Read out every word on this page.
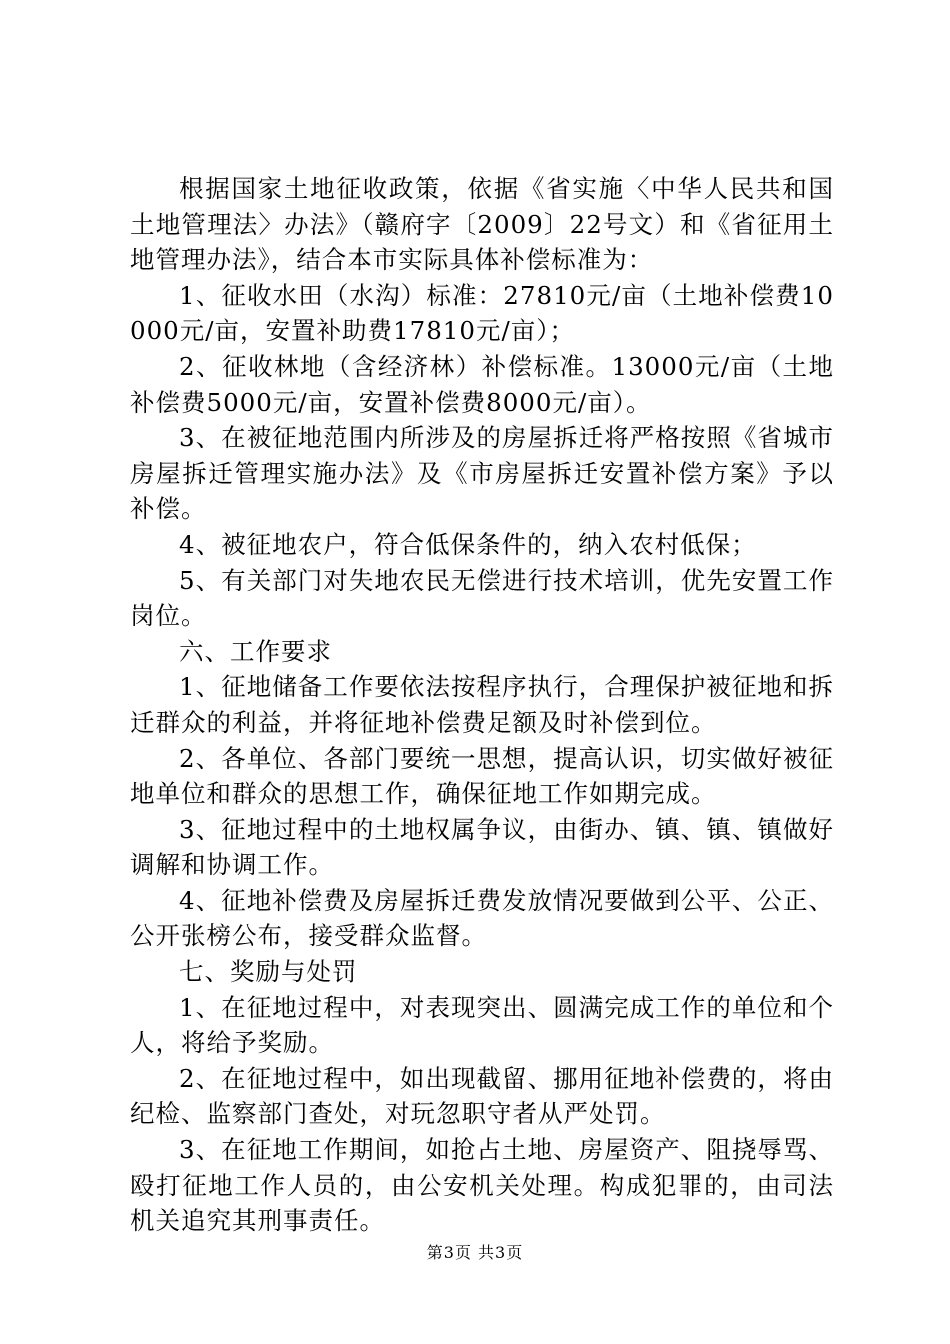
根据国家土地征收政策，依据《省实施〈中华人民共和国土地管理法〉办法》（赣府字〔2009〕22号文）和《省征用土地管理办法》，结合本市实际具体补偿标准为：

1、征收水田（水沟）标准：27810元/亩（土地补偿费10000元/亩，安置补助费17810元/亩）；

2、征收林地（含经济林）补偿标准。13000元/亩（土地补偿费5000元/亩，安置补偿费8000元/亩）。

3、在被征地范围内所涉及的房屋拆迁将严格按照《省城市房屋拆迁管理实施办法》及《市房屋拆迁安置补偿方案》予以补偿。

4、被征地农户，符合低保条件的，纳入农村低保；

5、有关部门对失地农民无偿进行技术培训，优先安置工作岗位。

六、工作要求

1、征地储备工作要依法按程序执行，合理保护被征地和拆迁群众的利益，并将征地补偿费足额及时补偿到位。

2、各单位、各部门要统一思想，提高认识，切实做好被征地单位和群众的思想工作，确保征地工作如期完成。

3、征地过程中的土地权属争议，由街办、镇、镇、镇做好调解和协调工作。

4、征地补偿费及房屋拆迁费发放情况要做到公平、公正、公开张榜公布，接受群众监督。

七、奖励与处罚

1、在征地过程中，对表现突出、圆满完成工作的单位和个人，将给予奖励。

2、在征地过程中，如出现截留、挪用征地补偿费的，将由纪检、监察部门查处，对玩忽职守者从严处罚。

3、在征地工作期间，如抢占土地、房屋资产、阻挠辱骂、殴打征地工作人员的，由公安机关处理。构成犯罪的，由司法机关追究其刑事责任。

第3页 共3页
